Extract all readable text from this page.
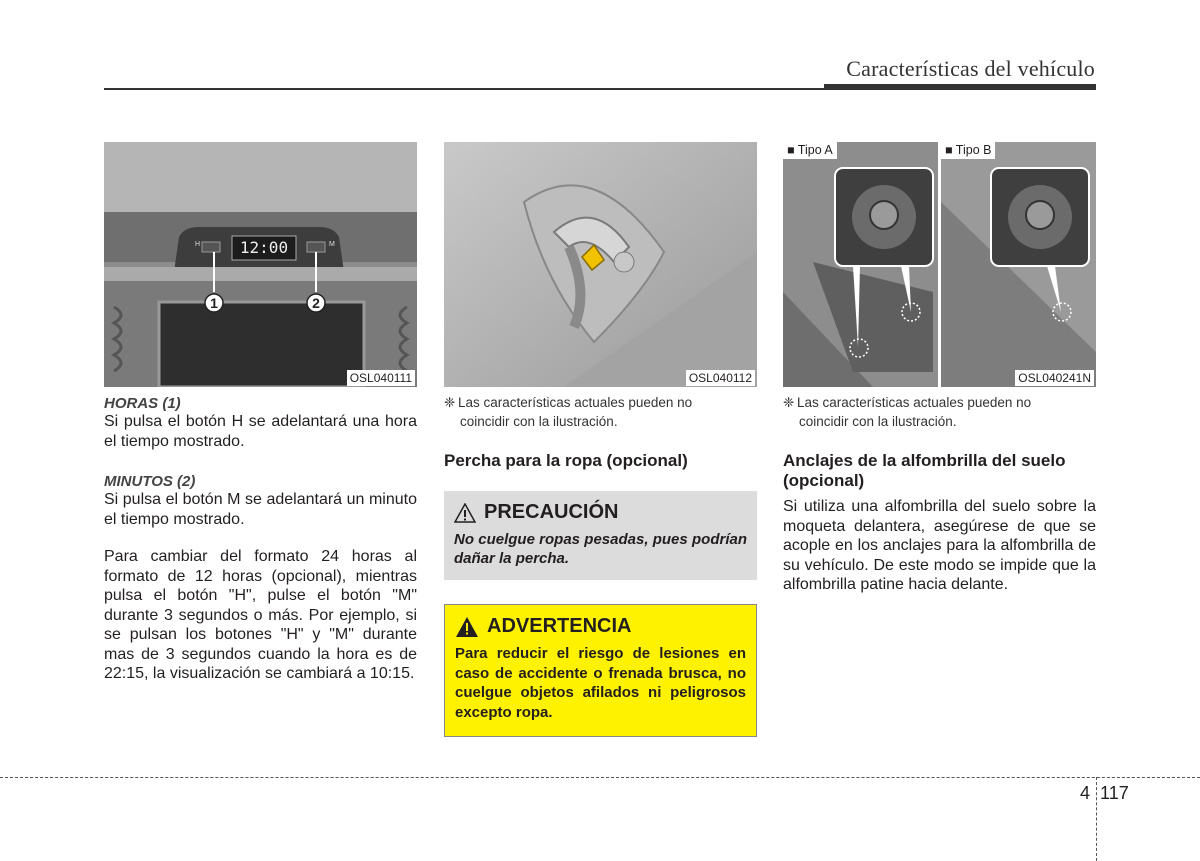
Características del vehículo
12:00
H	M
1	2
OSL040111
HORAS (1)

Si pulsa el botón H se adelantará una hora el tiempo mostrado.

MINUTOS (2)

Si pulsa el botón M se adelantará un minuto el tiempo mostrado.

Para cambiar del formato 24 horas al formato de 12 horas (opcional), mientras pulsa el botón "H", pulse el botón "M" durante 3 segundos o más. Por ejemplo, si se pulsan los botones "H" y "M" durante mas de 3 segundos cuando la hora es de 22:15, la visualización se cambiará a 10:15.

OSL040112
❈ Las características actuales pueden no
coincidir con la ilustración.
Percha para la ropa (opcional)
PRECAUCIÓN
No cuelgue ropas pesadas, pues podrían dañar la percha.
ADVERTENCIA
Para reducir el riesgo de lesiones en caso de accidente o frenada brusca, no cuelgue objetos afilados ni peligrosos excepto ropa.
■ Tipo A	■ Tipo B
OSL040241N
❈ Las características actuales pueden no
coincidir con la ilustración.
Anclajes de la alfombrilla del suelo (opcional)

Si utiliza una alfombrilla del suelo sobre la moqueta delantera, asegúrese de que se acople en los anclajes para la alfombrilla de su vehículo. De este modo se impide que la alfombrilla patine hacia delante.

4 117
